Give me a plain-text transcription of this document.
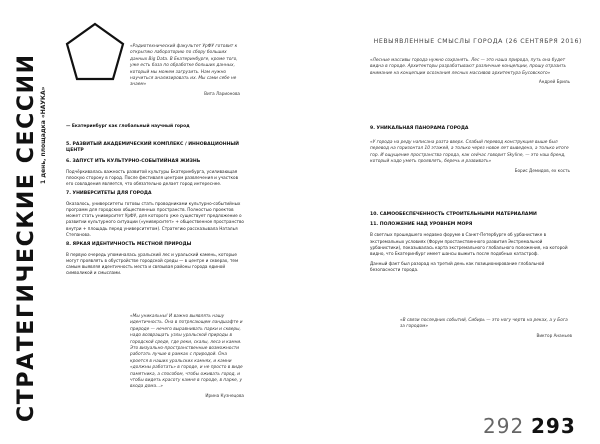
СТРАТЕГИЧЕСКИЕ СЕССИИ 1 день, площадка «НАУКА»
«Радиотехнический факультет УрФУ готовит к открытию лабораторию по сбору больших данных Big Data. В Екатеринбурге, кроме того, уже есть база по обработке больших данных, который мы можем загрузить. Нам нужно научиться анализировать их. Мы сами себе не знаем»
Вита Ларионова

— Екатеринбург как глобальный научный город

5. РАЗВИТЫЙ АКАДЕМИЧЕСКИЙ КОМПЛЕКС / ИННОВАЦИОННЫЙ ЦЕНТР

6. ЗАПУСТ ИТЬ КУЛЬТУРНО-СОБЫТИЙНАЯ ЖИЗНЬ

Подчёркивалась важность развитой культуры Екатеринбурга, усиливающая плоскую сторону в город. После фестиваля центром развлечения и участков его совладения является, что обязательно делает город интереснее.

7. УНИВЕРСИТЕТЫ ДЛЯ ГОРОДА

Оказалось, университеты готовы стать проводниками культурно-событийных программ для городских общественных пространств. Полностью проектов может стать университет УрФУ, для которого уже существует предложение о развитии культурного ситуации («университет» + общественное пространство внутри + площадь перед университетом). Стратегию рассказывала Наталья Степанова.

8. ЯРКАЯ ИДЕНТИЧНОСТЬ МЕСТНОЙ ПРИРОДЫ

В первую очередь упоминалась уральский лес и уральский камень, которые могут проявлять в обустройстве городской среды — в центре и скверах, тем самым выявляя идентичность места и связывая районы города единой символикой и смыслами.

«Мы уникальны! И важно выявлять нашу идентичность. Она в потрясающем ландшафте и природе — нечего выравнивать парки и скверы, надо возвращать узлы уральской природы в городской среде, где реки, скалы, леса и камни. Это визуально-пространственные возможности работать лучше в рамках с природой. Она кроется в наших уральских камнях, и камни «должны работать» в городе, и не просто в виде памятника, а способом, чтобы оживать город, и чтобы видеть красоту камня в городе, в парке, у входа дома...»
Ирина Кузнецова
НЕВЫЯВЛЕННЫЕ СМЫСЛЫ ГОРОДА (26 СЕНТЯБРЯ 2016)
«Лесные массивы города нужно сохранять. Лес — это наша природа, путь она будет видна в городе. Архитекторы разрабатывают различные концепции, прошу отразить внимание на концепции осознания лесных массивов архитектура Бусовского»
Андрей Бриль

9. УНИКАЛЬНАЯ ПАНОРАМА ГОРОДА

«У города на реду написана разта вверх. Слабый перевод конструкция выше был перевод на горизонтал 10 этажей, а только через новое лет выведена, а только итоге гор. И ощущение пространства города, как сейчас говорит Skyline, — это наш бренд, который надо уметь проявлять, беречь и развивать»
Борис Демидов, ex кость

10. САМООБЕСПЕЧЕННОСТЬ СТРОИТЕЛЬНЫМИ МАТЕРИАЛАМИ

11. ПОЛОЖЕНИЕ НАД УРОВНЕМ МОРЯ

В светлых прошедшего недавно форуме в Санкт-Петербурге об урбанистике в экстремальных условиях (Форум простанственного развития Экстремальной урбанистики), показывалась карта экстремального глобального положения, на которой видно, что Екатеринбург имеет шансы выжить после подобных катастроф.

Данный факт был разорад на третий день как позиционирование глобальной безопасности города.

«В связи последних событий, Сибирь — это ногу чертв на реках, а у Бога за городом»
Виктор Ананьев
292 293
